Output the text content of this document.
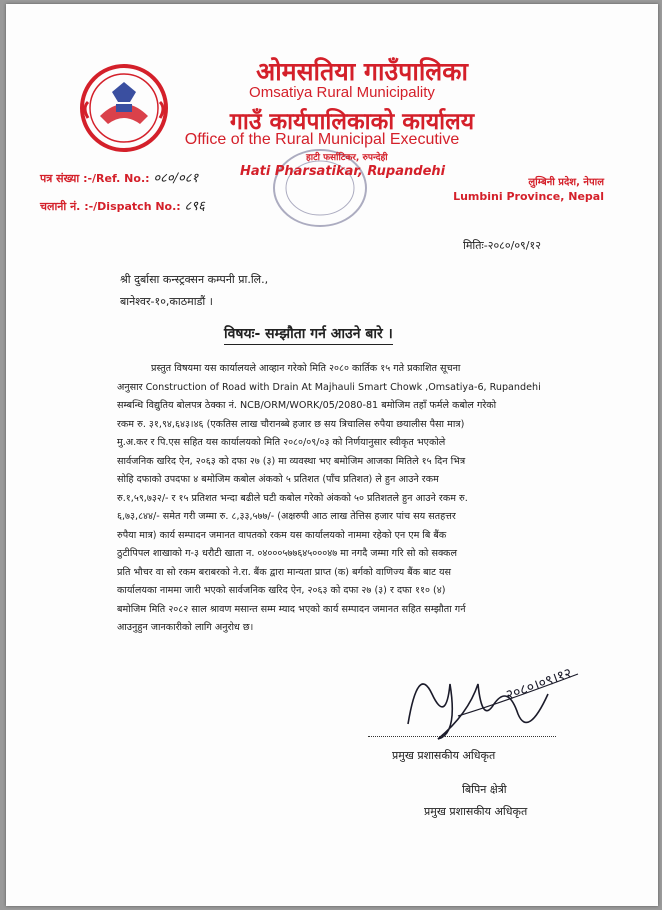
ओमसतिया गाउँपालिका
Omsatiya Rural Municipality
गाउँ कार्यपालिकाको कार्यालय
Office of the Rural Municipal Executive
पत्र संख्या :-/Ref. No.: ०८०/०८१
चलानी नं. :-/Dispatch No.: ८९६
हाटी फर्साटिकर, रुपन्देही
Hati Pharsatikar, Rupandehi
लुम्बिनी प्रदेश, नेपाल
Lumbini Province, Nepal
मितिः-२०८०/०९/१२
श्री दुर्बासा कन्स्ट्रक्सन कम्पनी प्रा.लि.,
बानेश्वर-१०,काठमाडौं ।
विषयः- सम्झौता गर्न आउने बारे ।
प्रस्तुत विषयमा यस कार्यालयले आव्हान गरेको मिति २०८० कार्तिक १५ गते प्रकाशित सूचना
अनुसार Construction of Road with Drain At Majhauli Smart Chowk ,Omsatiya-6, Rupandehi
सम्बन्धि विद्युतिय बोलपत्र ठेक्का नं. NCB/ORM/WORK/05/2080-81 बमोजिम तहाँ फर्मले कबोल गरेको
रकम रु. ३१,९४,६४३।४६ (एकतिस लाख चौरानब्बे हजार छ सय त्रिचालिस रुपैया छयालीस पैसा मात्र)
मु.अ.कर र पि.एस सहित यस कार्यालयको मिति २०८०/०९/०३ को निर्णयानुसार स्वीकृत भएकोले
सार्वजनिक खरिद ऐन, २०६३ को दफा २७ (३) मा व्यवस्था भए बमोजिम आजका मितिले १५ दिन भित्र
सोहि दफाको उपदफा ४ बमोजिम कबोल अंकको ५ प्रतिशत (पाँच प्रतिशत) ले हुन आउने रकम
रु.१,५९,७३२/- र १५ प्रतिशत भन्दा बढीले घटी कबोल गरेको अंकको ५० प्रतिशतले हुन आउने रकम रु.
६,७३,८४४/- समेत गरी जम्मा रु. ८,३३,५७७/- (अक्षरुपी आठ लाख तेत्तिस हजार पांच सय सतहत्तर
रुपैया मात्र) कार्य सम्पादन जमानत वापतको रकम यस कार्यालयको नाममा रहेको एन एम बि बैंक
ठुटीपिपल शाखाको ग-३ धरौटी खाता न. ०४०००५७७६४५०००४७ मा नगदै जम्मा गरि सो को सक्कल
प्रति भौचर वा सो रकम बराबरको ने.रा. बैंक द्वारा मान्यता प्राप्त (क) बर्गको वाणिज्य बैंक बाट यस
कार्यालयका नाममा जारी भएको सार्वजनिक खरिद ऐन, २०६३ को दफा २७ (३) र दफा ११० (४)
बमोजिम मिति २०८२ साल श्रावण मसान्त सम्म म्याद भएको कार्य सम्पादन जमानत सहित सम्झौता गर्न
आउनुहुन जानकारीको लागि अनुरोध छ।
२०८०।०९।१२
प्रमुख प्रशासकीय अधिकृत
बिपिन क्षेत्री
प्रमुख प्रशासकीय अधिकृत
